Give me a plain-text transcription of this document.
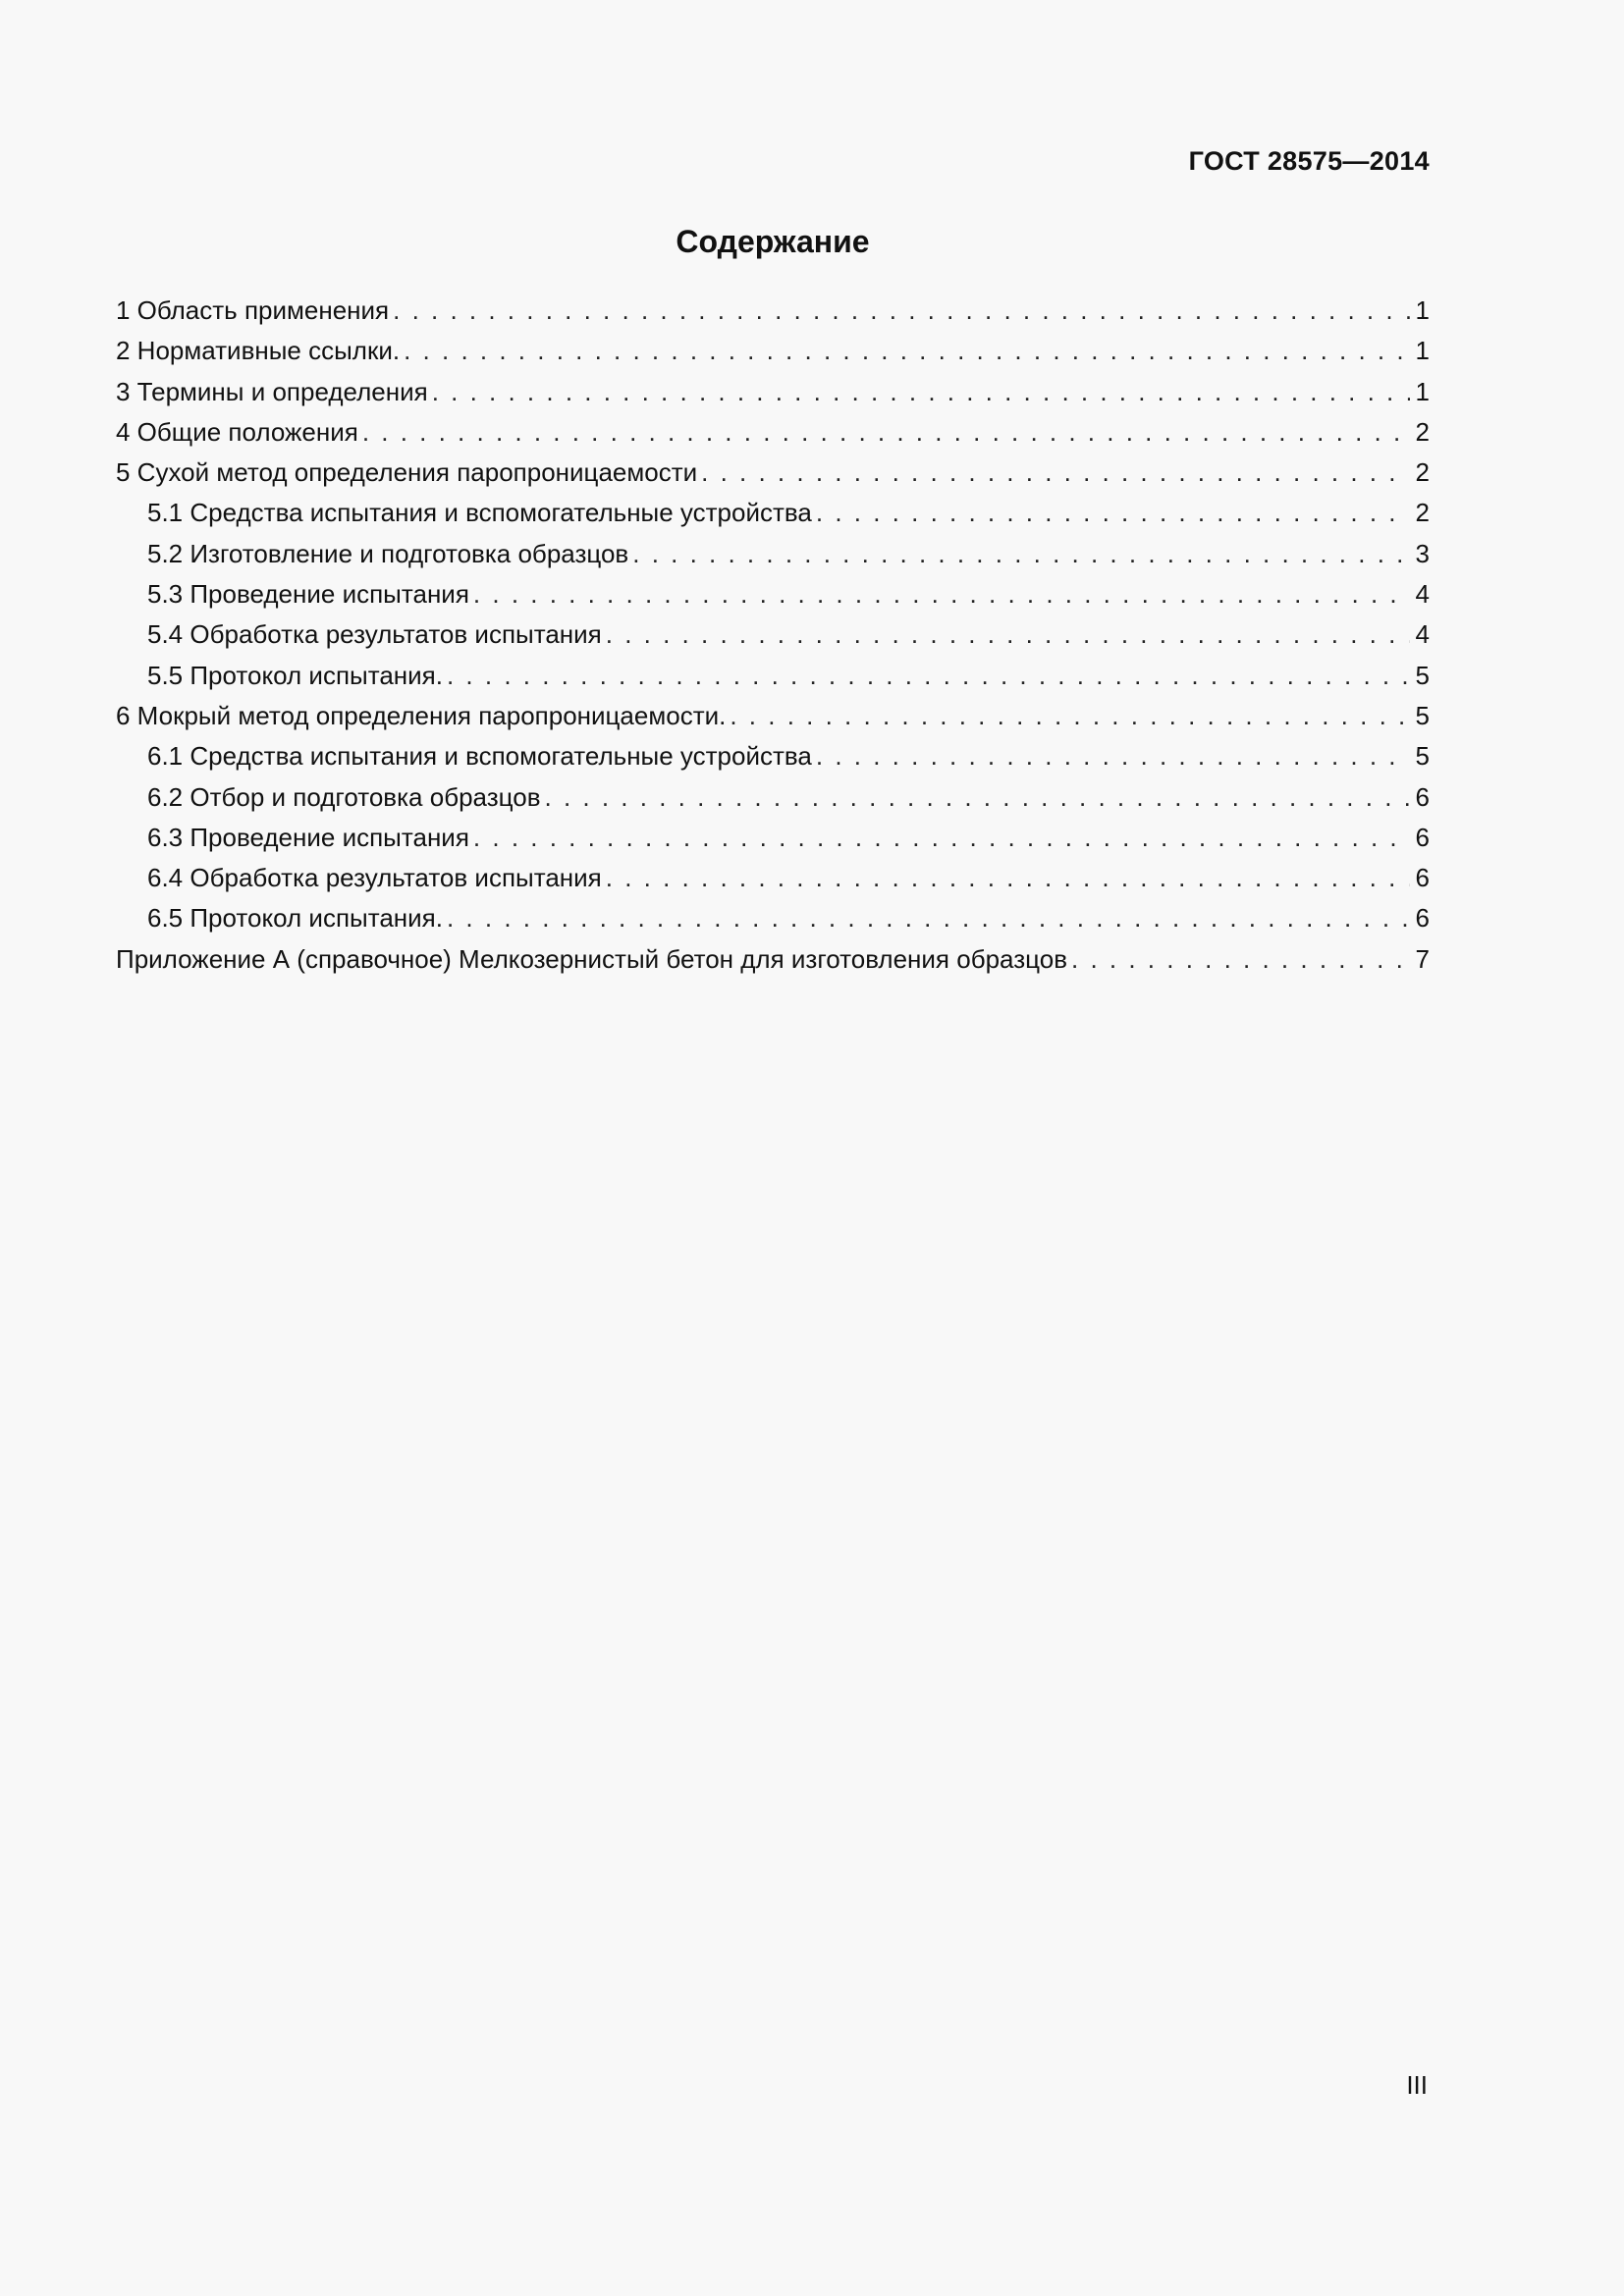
ГОСТ 28575—2014
Содержание
1 Область применения . . .	1
2 Нормативные ссылки. . . .	1
3 Термины и определения . . .	1
4 Общие положения . . .	2
5 Сухой метод определения паропроницаемости . . .	2
5.1 Средства испытания и вспомогательные устройства . . .	2
5.2 Изготовление и подготовка образцов . . .	3
5.3 Проведение испытания . . .	4
5.4 Обработка результатов испытания . . .	4
5.5 Протокол испытания. . . .	5
6 Мокрый метод определения паропроницаемости. . . .	5
6.1 Средства испытания и вспомогательные устройства . . .	5
6.2 Отбор и подготовка образцов . . .	6
6.3 Проведение испытания . . .	6
6.4 Обработка результатов испытания . . .	6
6.5 Протокол испытания. . . .	6
Приложение А (справочное) Мелкозернистый бетон для изготовления образцов . . .	7
III
